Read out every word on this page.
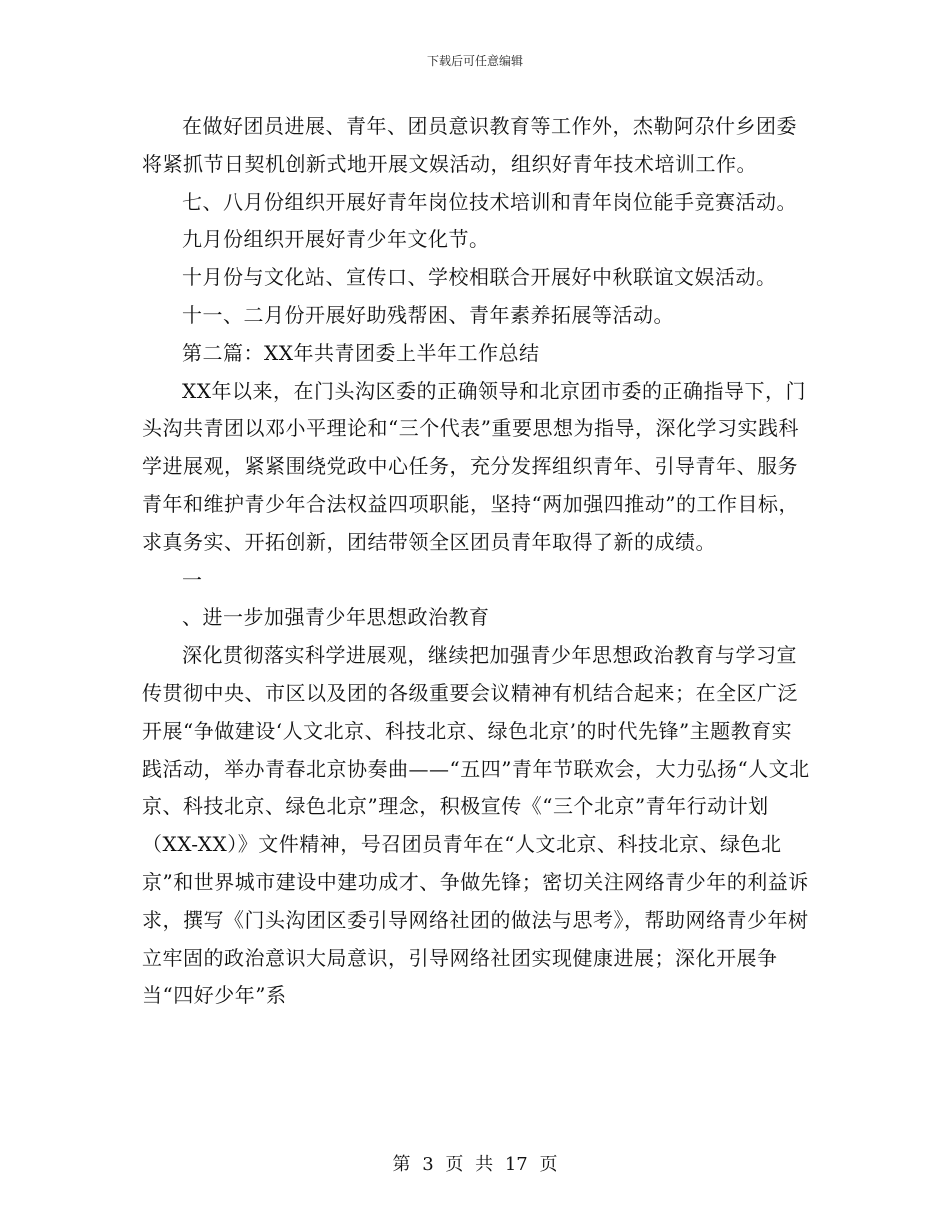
下载后可任意编辑

在做好团员进展、青年、团员意识教育等工作外，杰勒阿尕什乡团委将紧抓节日契机创新式地开展文娱活动，组织好青年技术培训工作。

七、八月份组织开展好青年岗位技术培训和青年岗位能手竞赛活动。

九月份组织开展好青少年文化节。

十月份与文化站、宣传口、学校相联合开展好中秋联谊文娱活动。

十一、二月份开展好助残帮困、青年素养拓展等活动。

第二篇：XX年共青团委上半年工作总结

XX年以来，在门头沟区委的正确领导和北京团市委的正确指导下，门头沟共青团以邓小平理论和“三个代表”重要思想为指导，深化学习实践科学进展观，紧紧围绕党政中心任务，充分发挥组织青年、引导青年、服务青年和维护青少年合法权益四项职能，坚持“两加强四推动”的工作目标，求真务实、开拓创新，团结带领全区团员青年取得了新的成绩。

一

、进一步加强青少年思想政治教育

深化贯彻落实科学进展观，继续把加强青少年思想政治教育与学习宣传贯彻中央、市区以及团的各级重要会议精神有机结合起来；在全区广泛开展“争做建设‘人文北京、科技北京、绿色北京’的时代先锋”主题教育实践活动，举办青春北京协奏曲——“五四”青年节联欢会，大力弘扬“人文北京、科技北京、绿色北京”理念，积极宣传《“三个北京”青年行动计划（XX-XX）》文件精神，号召团员青年在“人文北京、科技北京、绿色北京”和世界城市建设中建功成才、争做先锋；密切关注网络青少年的利益诉求，撰写《门头沟团区委引导网络社团的做法与思考》，帮助网络青少年树立牢固的政治意识大局意识，引导网络社团实现健康进展；深化开展争当“四好少年”系

第 3 页 共 17 页
